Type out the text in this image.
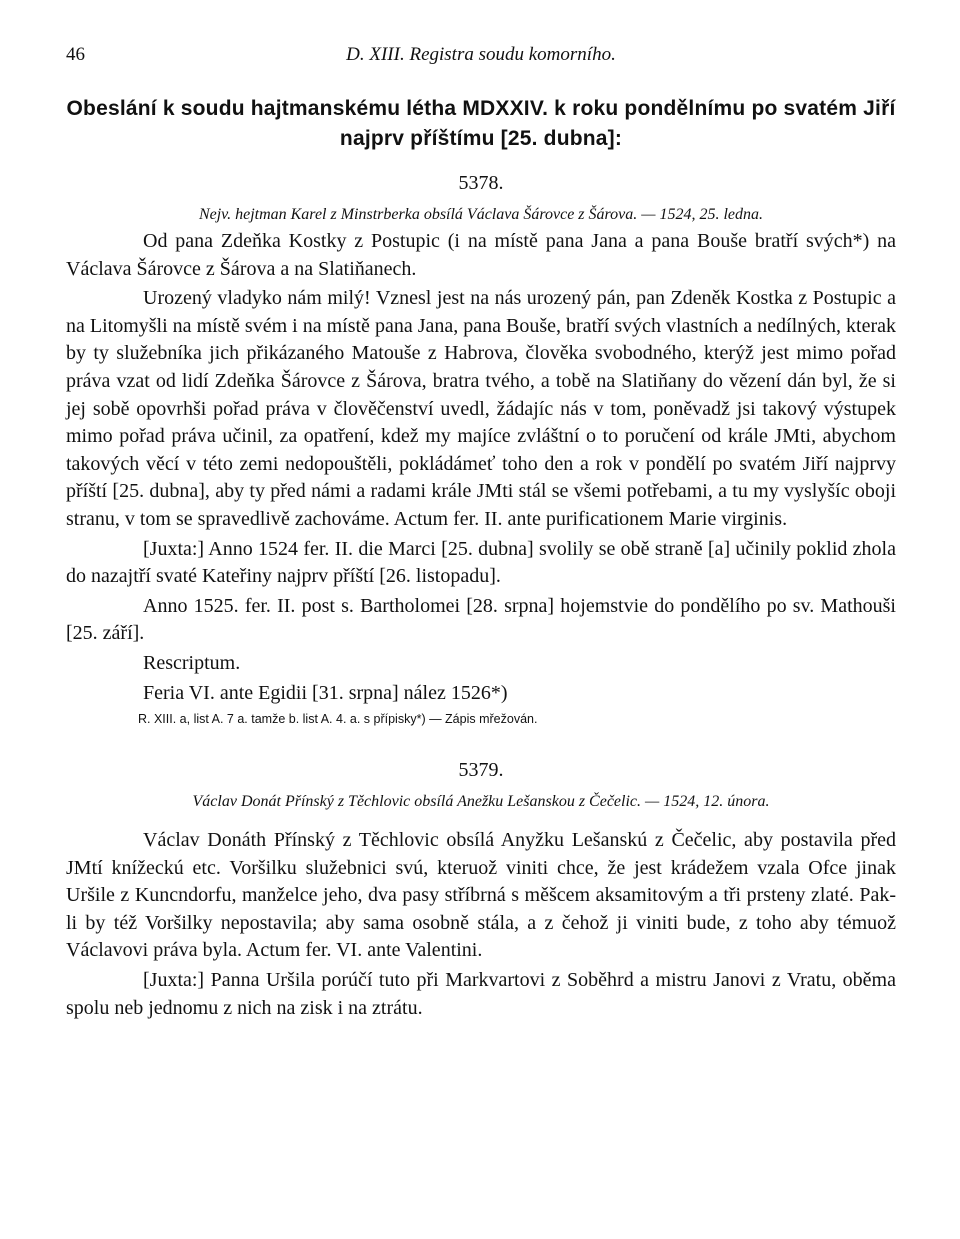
46	D. XIII. Registra soudu komorního.
Obeslání k soudu hajtmanskému létha MDXXIV. k roku pondělnímu po svatém Jiří najprv příštímu [25. dubna]:
5378.
Nejv. hejtman Karel z Minstrberka obsílá Václava Šárovce z Šárova. — 1524, 25. ledna.

Od pana Zdeňka Kostky z Postupic (i na místě pana Jana a pana Bouše bratří svých*) na Václava Šárovce z Šárova a na Slatiňanech.

Urozený vladyko nám milý! Vznesl jest na nás urozený pán, pan Zdeněk Kostka z Postupic a na Litomyšli na místě svém i na místě pana Jana, pana Bouše, bratří svých vlastních a nedílných, kterak by ty služebníka jich přikázaného Matouše z Habrova, člověka svobodného, kterýž jest mimo pořad práva vzat od lidí Zdeňka Šárovce z Šárova, bratra tvého, a tobě na Slatiňany do vězení dán byl, že si jej sobě opovrhši pořad práva v člověčenství uvedl, žádajíc nás v tom, poněvadž jsi takový výstupek mimo pořad práva učinil, za opatření, kdež my majíce zvláštní o to poručení od krále JMti, abychom takových věcí v této zemi nedopouštěli, pokládámeť toho den a rok v pondělí po svatém Jiří najprvy příští [25. dubna], aby ty před námi a radami krále JMti stál se všemi potřebami, a tu my vyslyšíc oboji stranu, v tom se spravedlivě zachováme. Actum fer. II. ante purificationem Marie virginis.

[Juxta:] Anno 1524 fer. II. die Marci [25. dubna] svolily se obě straně [a] učinily poklid zhola do nazajtří svaté Kateřiny najprv příští [26. listopadu].

Anno 1525. fer. II. post s. Bartholomei [28. srpna] hojemstvie do pondělího po sv. Mathouši [25. září].

Rescriptum.

Feria VI. ante Egidii [31. srpna] nález 1526*)

R. XIII. a, list A. 7 a. tamže b. list A. 4. a. s přípisky*) — Zápis mřežován.
5379.
Václav Donát Přínský z Těchlovic obsílá Anežku Lešanskou z Čečelic. — 1524, 12. února.

Václav Donáth Přínský z Těchlovic obsílá Anyžku Lešanskú z Čečelic, aby postavila před JMtí knížeckú etc. Voršilku služebnici svú, kteruož viniti chce, že jest krádežem vzala Ofce jinak Uršile z Kuncndorfu, manželce jeho, dva pasy stříbrná s měšcem aksamitovým a tři prsteny zlaté. Pak-li by též Voršilky nepostavila; aby sama osobně stála, a z čehož ji viniti bude, z toho aby témuož Václavovi práva byla. Actum fer. VI. ante Valentini.

[Juxta:] Panna Uršila porúčí tuto při Markvartovi z Soběhrd a mistru Janovi z Vratu, oběma spolu neb jednomu z nich na zisk i na ztrátu.
